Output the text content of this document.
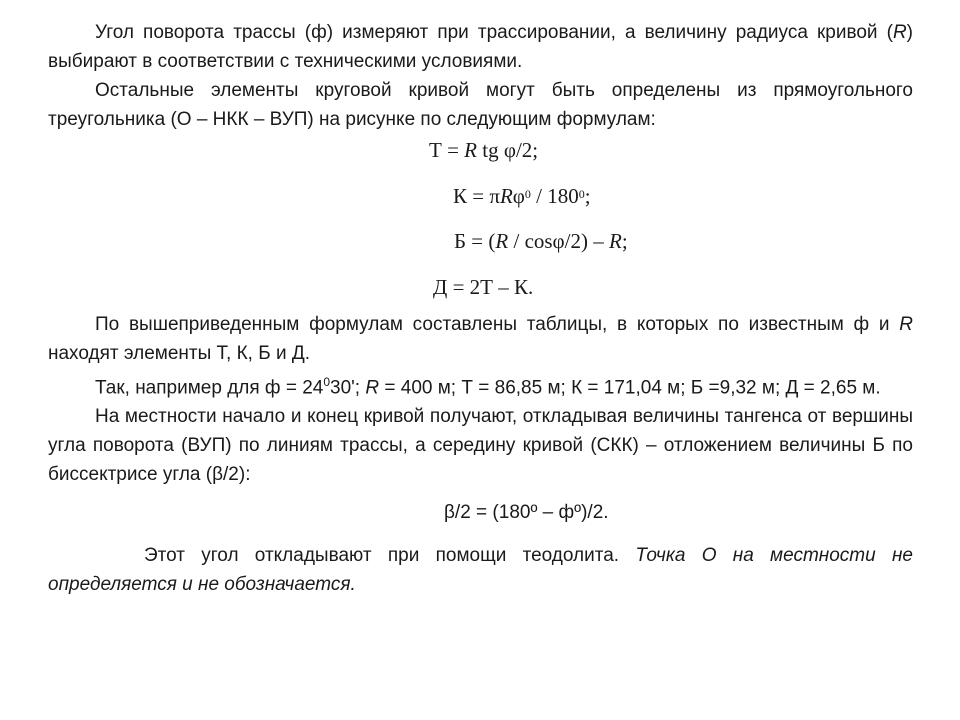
Угол поворота трассы (ф) измеряют при трассировании, а величину радиуса кривой (R) выбирают в соответствии с техническими условиями.

Остальные элементы круговой кривой могут быть определены из прямоугольного треугольника (О – НКК – ВУП) на рисунке по следующим формулам:

Т = R tg φ/2;

$К = \pi R\varphi^0 / 180^0$;

Б = (R / cosφ/2) – R;

Д = 2Т – К.

По вышеприведенным формулам составлены таблицы, в которых по известным ф и R находят элементы Т, К, Б и Д.

Так, например для $ф = 24^030'$; R = 400 м; Т = 86,85 м; К = 171,04 м; Б =9,32 м; Д = 2,65 м.

На местности начало и конец кривой получают, откладывая величины тангенса от вершины угла поворота (ВУП) по линиям трассы, а середину кривой (СКК) – отложением величины Б по биссектрисе угла (β/2):

β/2 = (180º – фº)/2.

Этот угол откладывают при помощи теодолита. Точка О на местности не определяется и не обозначается.
